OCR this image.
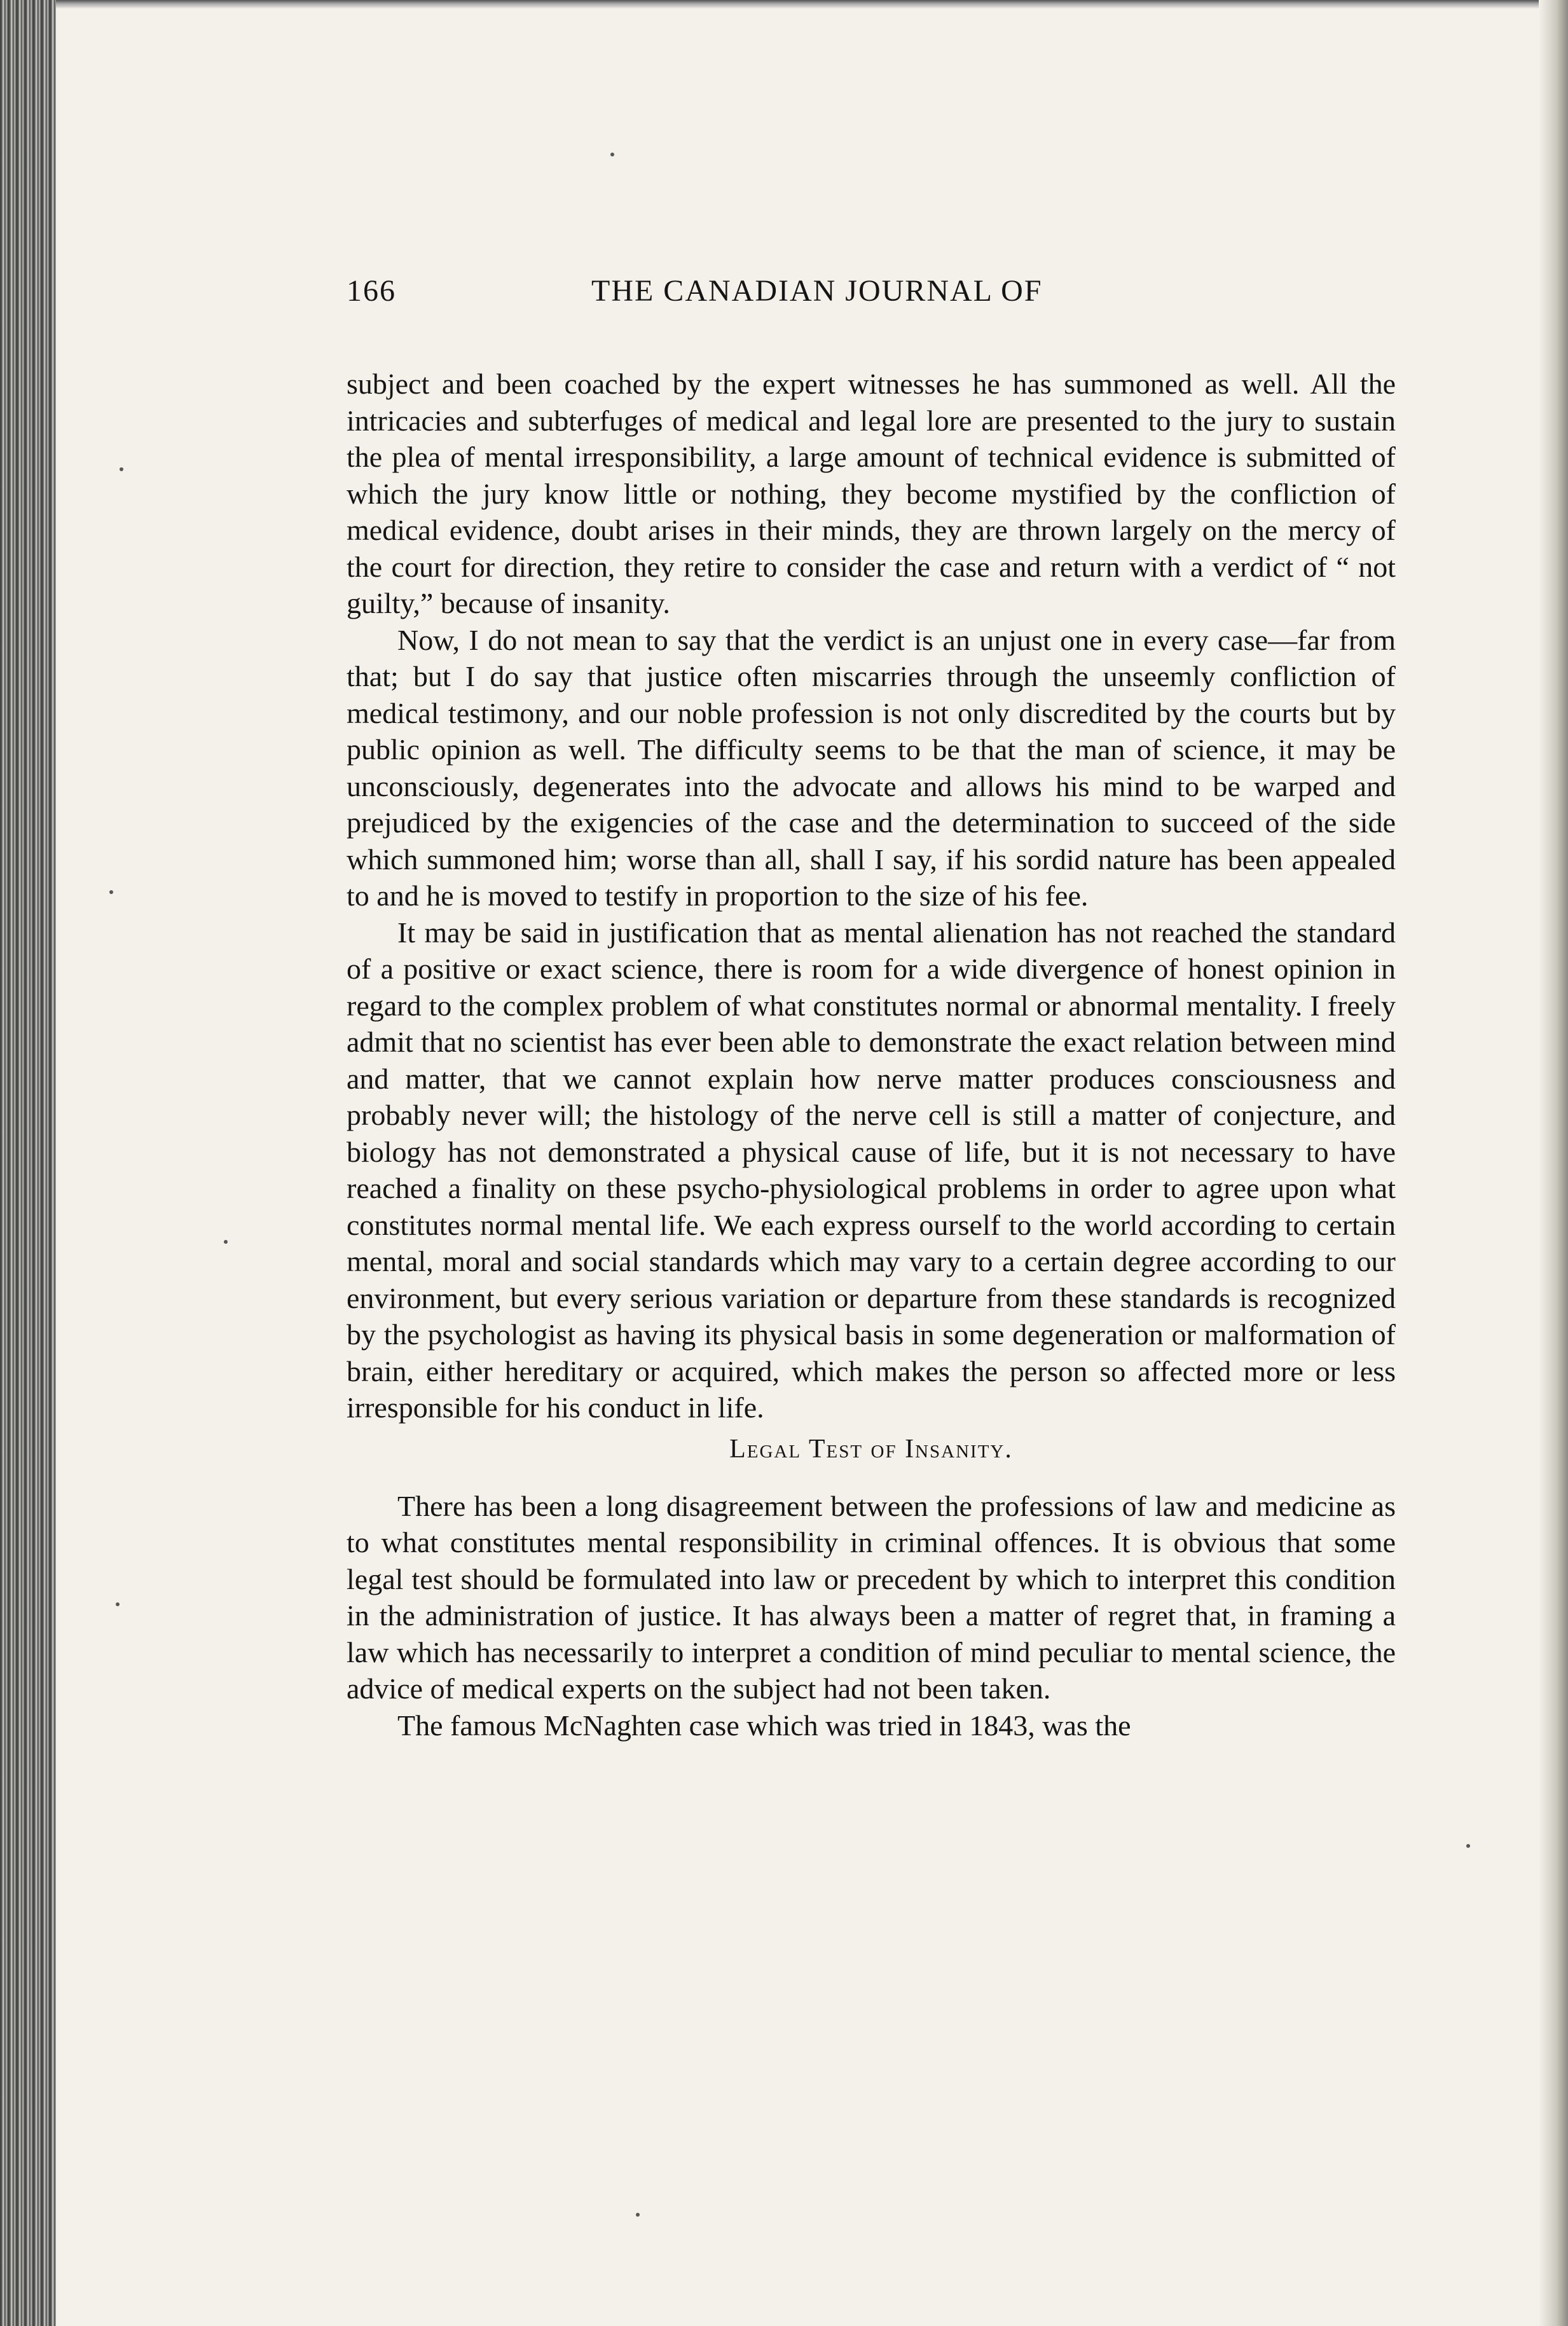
166	THE CANADIAN JOURNAL OF

subject and been coached by the expert witnesses he has summoned as well. All the intricacies and subterfuges of medical and legal lore are presented to the jury to sustain the plea of mental irresponsibility, a large amount of technical evidence is submitted of which the jury know little or nothing, they become mystified by the confliction of medical evidence, doubt arises in their minds, they are thrown largely on the mercy of the court for direction, they retire to consider the case and return with a verdict of “ not guilty,” because of insanity.

Now, I do not mean to say that the verdict is an unjust one in every case—far from that; but I do say that justice often miscarries through the unseemly confliction of medical testimony, and our noble profession is not only discredited by the courts but by public opinion as well. The difficulty seems to be that the man of science, it may be unconsciously, degenerates into the advocate and allows his mind to be warped and prejudiced by the exigencies of the case and the determination to succeed of the side which summoned him; worse than all, shall I say, if his sordid nature has been appealed to and he is moved to testify in proportion to the size of his fee.

It may be said in justification that as mental alienation has not reached the standard of a positive or exact science, there is room for a wide divergence of honest opinion in regard to the complex problem of what constitutes normal or abnormal mentality. I freely admit that no scientist has ever been able to demonstrate the exact relation between mind and matter, that we cannot explain how nerve matter produces consciousness and probably never will; the histology of the nerve cell is still a matter of conjecture, and biology has not demonstrated a physical cause of life, but it is not necessary to have reached a finality on these psycho-physiological problems in order to agree upon what constitutes normal mental life. We each express ourself to the world according to certain mental, moral and social standards which may vary to a certain degree according to our environment, but every serious variation or departure from these standards is recognized by the psychologist as having its physical basis in some degeneration or malformation of brain, either hereditary or acquired, which makes the person so affected more or less irresponsible for his conduct in life.

Legal Test of Insanity.

There has been a long disagreement between the professions of law and medicine as to what constitutes mental responsibility in criminal offences. It is obvious that some legal test should be formulated into law or precedent by which to interpret this condition in the administration of justice. It has always been a matter of regret that, in framing a law which has necessarily to interpret a condition of mind peculiar to mental science, the advice of medical experts on the subject had not been taken.

The famous McNaghten case which was tried in 1843, was the
